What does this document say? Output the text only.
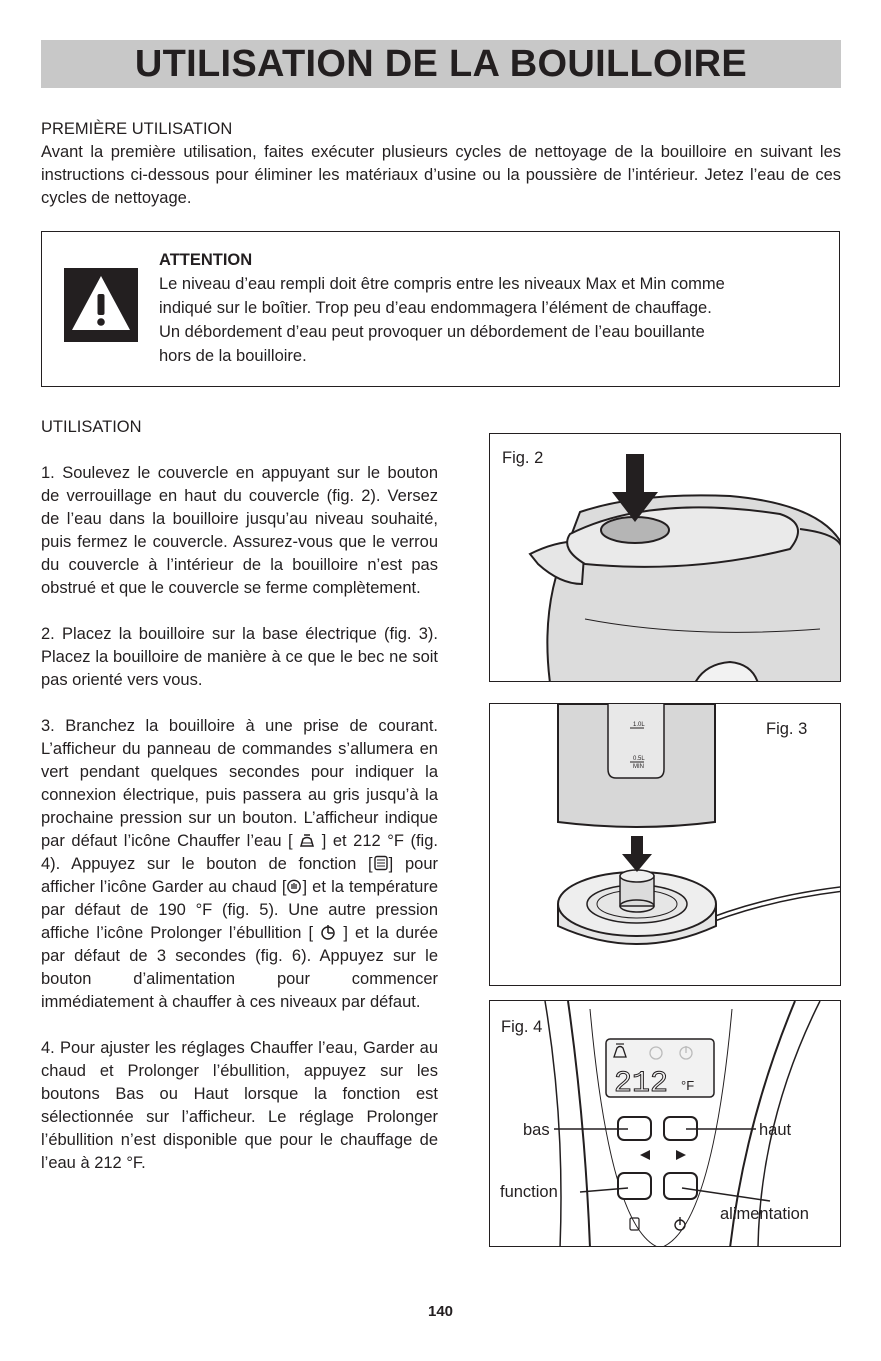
UTILISATION DE LA BOUILLOIRE
PREMIÈRE UTILISATION

Avant la première utilisation, faites exécuter plusieurs cycles de nettoyage de la bouilloire en suivant les instructions ci-dessous pour éliminer les matériaux d’usine ou la poussière de l’intérieur. Jetez l’eau de ces cycles de nettoyage.

ATTENTION
Le niveau d’eau rempli doit être compris entre les niveaux Max et Min comme
indiqué sur le boîtier. Trop peu d’eau endommagera l’élément de chauffage.
Un débordement d’eau peut provoquer un débordement de l’eau bouillante
hors de la bouilloire.
UTILISATION

1. Soulevez le couvercle en appuyant sur le bouton de verrouillage en haut du couvercle (fig. 2). Versez de l’eau dans la bouilloire jusqu’au niveau souhaité, puis fermez le couvercle. Assurez-vous que le verrou du couvercle à l’intérieur de la bouilloire n’est pas obstrué et que le couvercle se ferme complètement.

2. Placez la bouilloire sur la base électrique (fig. 3). Placez la bouilloire de manière à ce que le bec ne soit pas orienté vers vous.

3. Branchez la bouilloire à une prise de courant. L’afficheur du panneau de commandes s’allumera en vert pendant quelques secondes pour indiquer la connexion électrique, puis passera au gris jusqu’à la prochaine pression sur un bouton. L’afficheur indique par défaut l’icône Chauffer l’eau [ ] et 212 °F (fig. 4). Appuyez sur le bouton de fonction [ ] pour afficher l’icône Garder au chaud [ ] et la température par défaut de 190 °F (fig. 5). Une autre pression affiche l’icône Prolonger l’ébullition [ ] et la durée par défaut de 3 secondes (fig. 6). Appuyez sur le bouton d’alimentation pour commencer immédiatement à chauffer à ces niveaux par défaut.

4. Pour ajuster les réglages Chauffer l’eau, Garder au chaud et Prolonger l’ébullition, appuyez sur les boutons Bas ou Haut lorsque la fonction est sélectionnée sur l’afficheur. Le réglage Prolonger l’ébullition n’est disponible que pour le chauffage de l’eau à 212 °F.

Fig. 2
Fig. 3
1.0L
0.5L
MIN
Fig. 4
212 °F
bas	haut
function
alimentation
140
